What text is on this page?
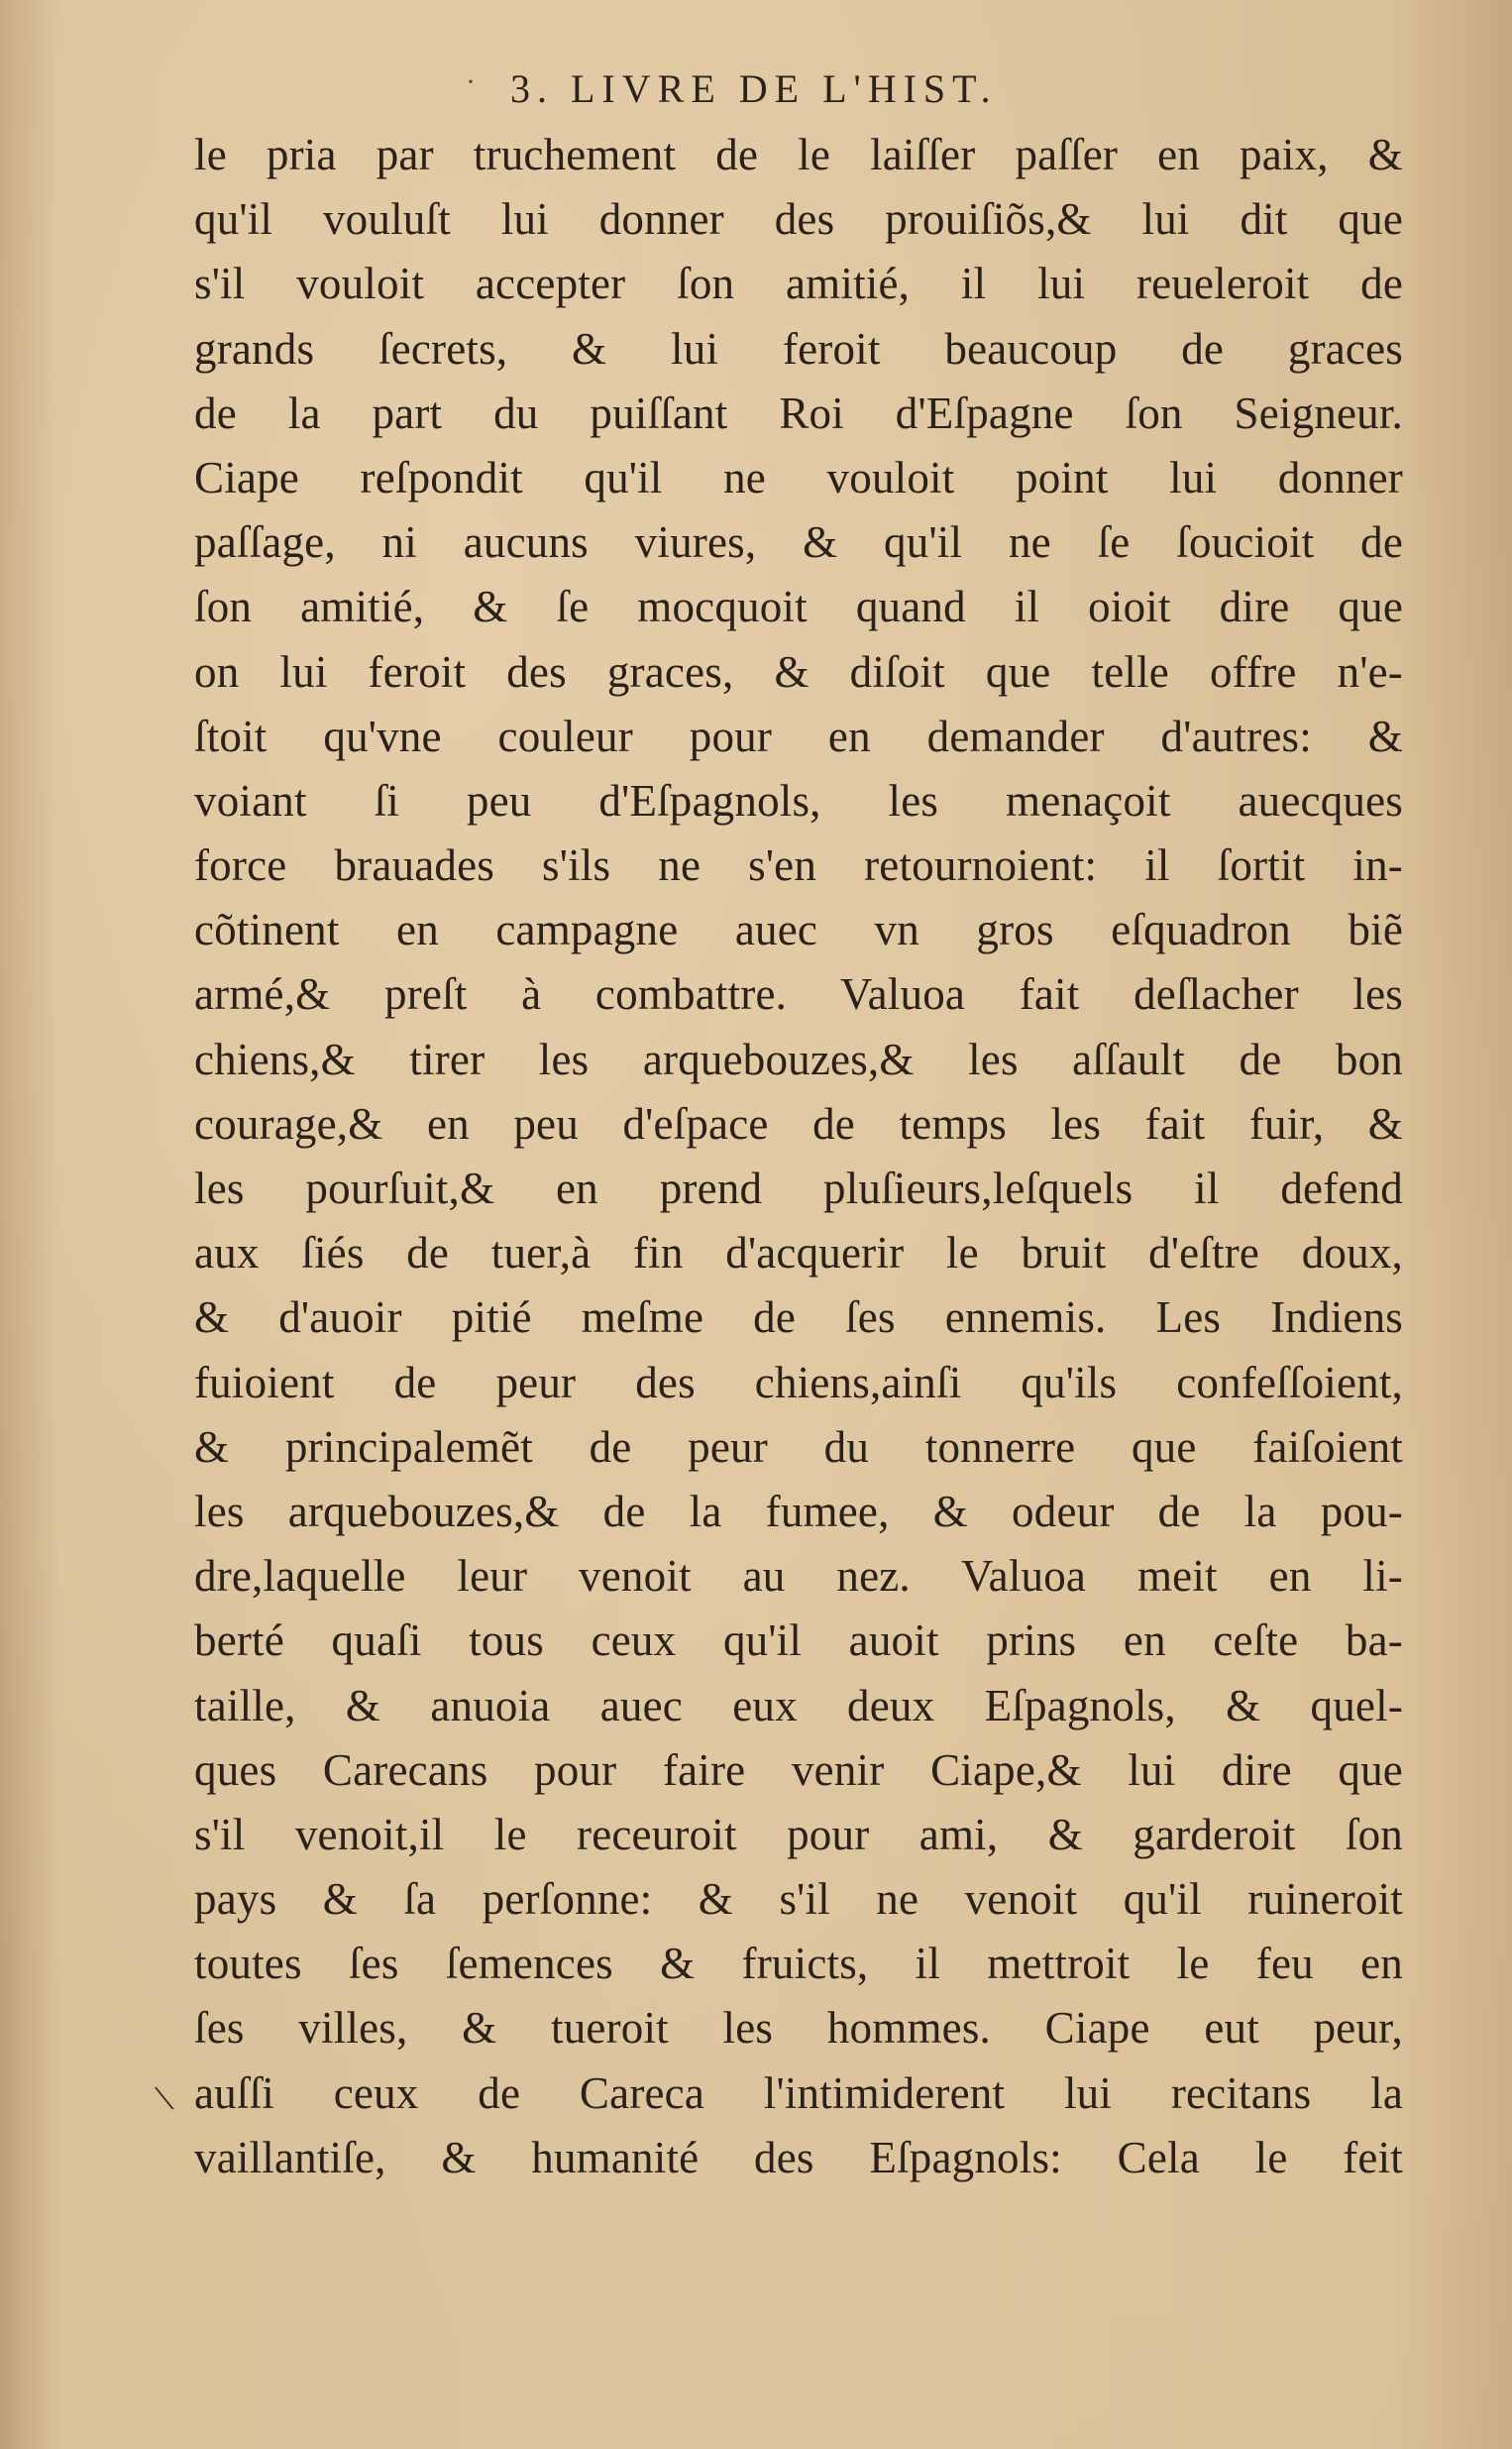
· 3. LIVRE DE L'HIST.
le pria par truchement de le laiſſer paſſer en paix, &
qu'il vouluſt lui donner des prouiſiõs,& lui dit que
s'il vouloit accepter ſon amitié, il lui reueleroit de
grands ſecrets, & lui feroit beaucoup de graces
de la part du puiſſant Roi d'Eſpagne ſon Seigneur.
Ciape reſpondit qu'il ne vouloit point lui donner
paſſage, ni aucuns viures, & qu'il ne ſe ſoucioit de
ſon amitié, & ſe mocquoit quand il oioit dire que
on lui feroit des graces, & diſoit que telle offre n'e-
ſtoit qu'vne couleur pour en demander d'autres: &
voiant ſi peu d'Eſpagnols, les menaçoit auecques
force brauades s'ils ne s'en retournoient: il ſortit in-
cõtinent en campagne auec vn gros eſquadron biẽ
armé,& preſt à combattre. Valuoa fait deſlacher les
chiens,& tirer les arquebouzes,& les aſſault de bon
courage,& en peu d'eſpace de temps les fait fuir, &
les pourſuit,& en prend pluſieurs,leſquels il defend
aux ſiés de tuer,à fin d'acquerir le bruit d'eſtre doux,
& d'auoir pitié meſme de ſes ennemis. Les Indiens
fuioient de peur des chiens,ainſi qu'ils confeſſoient,
& principalemẽt de peur du tonnerre que faiſoient
les arquebouzes,& de la fumee, & odeur de la pou-
dre,laquelle leur venoit au nez. Valuoa meit en li-
berté quaſi tous ceux qu'il auoit prins en ceſte ba-
taille, & anuoia auec eux deux Eſpagnols, & quel-
ques Carecans pour faire venir Ciape,& lui dire que
s'il venoit,il le receuroit pour ami, & garderoit ſon
pays & ſa perſonne: & s'il ne venoit qu'il ruineroit
toutes ſes ſemences & fruicts, il mettroit le feu en
ſes villes, & tueroit les hommes. Ciape eut peur,
auſſi ceux de Careca l'intimiderent lui recitans la
vaillantiſe, & humanité des Eſpagnols: Cela le feit
\
